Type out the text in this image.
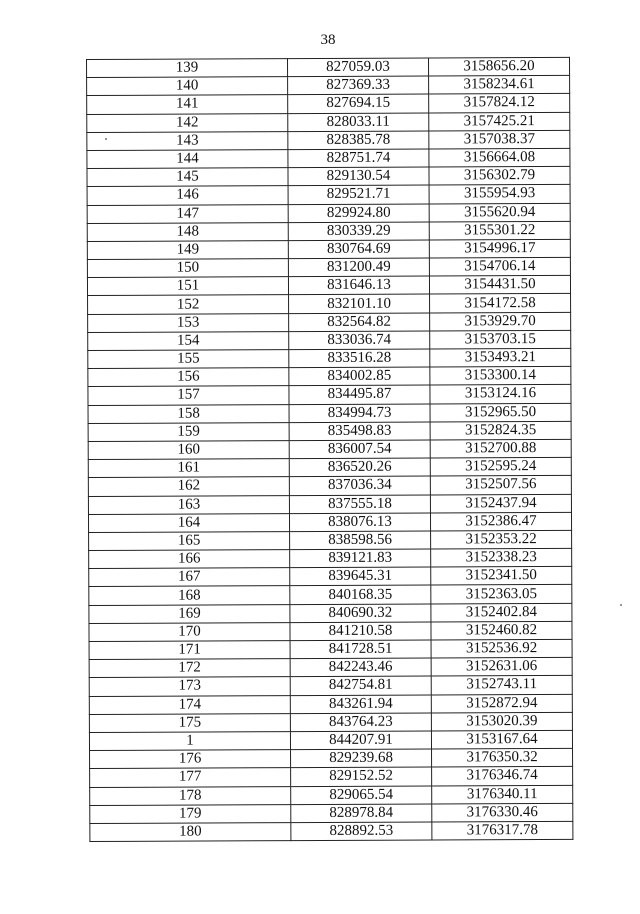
38
139	827059.03	3158656.20
140	827369.33	3158234.61
141	827694.15	3157824.12
142	828033.11	3157425.21
143	828385.78	3157038.37
144	828751.74	3156664.08
145	829130.54	3156302.79
146	829521.71	3155954.93
147	829924.80	3155620.94
148	830339.29	3155301.22
149	830764.69	3154996.17
150	831200.49	3154706.14
151	831646.13	3154431.50
152	832101.10	3154172.58
153	832564.82	3153929.70
154	833036.74	3153703.15
155	833516.28	3153493.21
156	834002.85	3153300.14
157	834495.87	3153124.16
158	834994.73	3152965.50
159	835498.83	3152824.35
160	836007.54	3152700.88
161	836520.26	3152595.24
162	837036.34	3152507.56
163	837555.18	3152437.94
164	838076.13	3152386.47
165	838598.56	3152353.22
166	839121.83	3152338.23
167	839645.31	3152341.50
168	840168.35	3152363.05
169	840690.32	3152402.84
170	841210.58	3152460.82
171	841728.51	3152536.92
172	842243.46	3152631.06
173	842754.81	3152743.11
174	843261.94	3152872.94
175	843764.23	3153020.39
1	844207.91	3153167.64
176	829239.68	3176350.32
177	829152.52	3176346.74
178	829065.54	3176340.11
179	828978.84	3176330.46
180	828892.53	3176317.78
